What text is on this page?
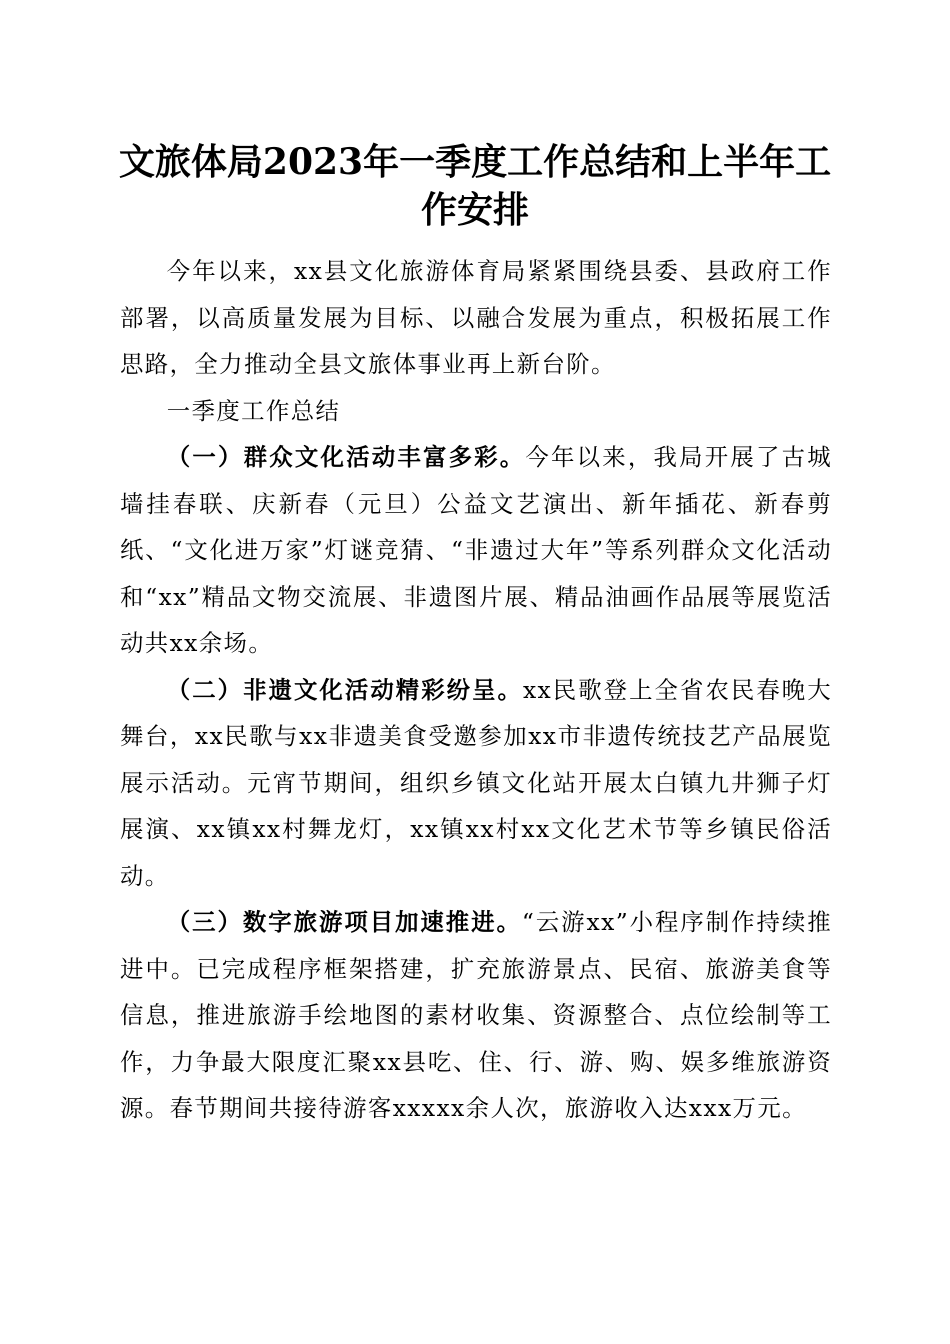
文旅体局2023年一季度工作总结和上半年工作安排

今年以来，xx县文化旅游体育局紧紧围绕县委、县政府工作部署，以高质量发展为目标、以融合发展为重点，积极拓展工作思路，全力推动全县文旅体事业再上新台阶。

一季度工作总结

（一）群众文化活动丰富多彩。今年以来，我局开展了古城墙挂春联、庆新春（元旦）公益文艺演出、新年插花、新春剪纸、“文化进万家”灯谜竞猜、“非遗过大年”等系列群众文化活动和“xx”精品文物交流展、非遗图片展、精品油画作品展等展览活动共xx余场。

（二）非遗文化活动精彩纷呈。xx民歌登上全省农民春晚大舞台，xx民歌与xx非遗美食受邀参加xx市非遗传统技艺产品展览展示活动。元宵节期间，组织乡镇文化站开展太白镇九井狮子灯展演、xx镇xx村舞龙灯，xx镇xx村xx文化艺术节等乡镇民俗活动。

（三）数字旅游项目加速推进。“云游xx”小程序制作持续推进中。已完成程序框架搭建，扩充旅游景点、民宿、旅游美食等信息，推进旅游手绘地图的素材收集、资源整合、点位绘制等工作，力争最大限度汇聚xx县吃、住、行、游、购、娱多维旅游资源。春节期间共接待游客xxxxx余人次，旅游收入达xxx万元。
